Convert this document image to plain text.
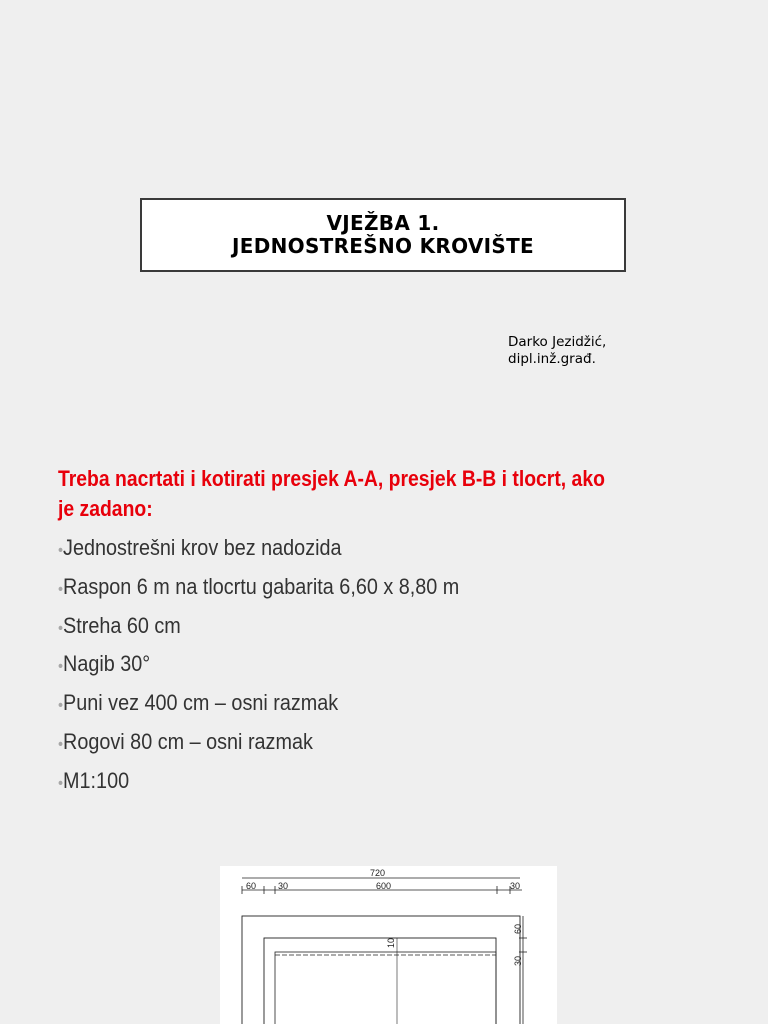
VJEŽBA 1.
JEDNOSTREŠNO KROVIŠTE
Darko Jezidžić,
dipl.inž.građ.
Treba nacrtati i kotirati presjek A-A, presjek B-B i tlocrt, ako je zadano:
•Jednostrešni krov bez nadozida
•Raspon 6 m na tlocrtu gabarita 6,60 x 8,80 m
•Streha 60 cm
•Nagib 30°
•Puni vez 400 cm – osni razmak
•Rogovi 80 cm – osni razmak
•M1:100
720
60 30	600	30
10
60
30
